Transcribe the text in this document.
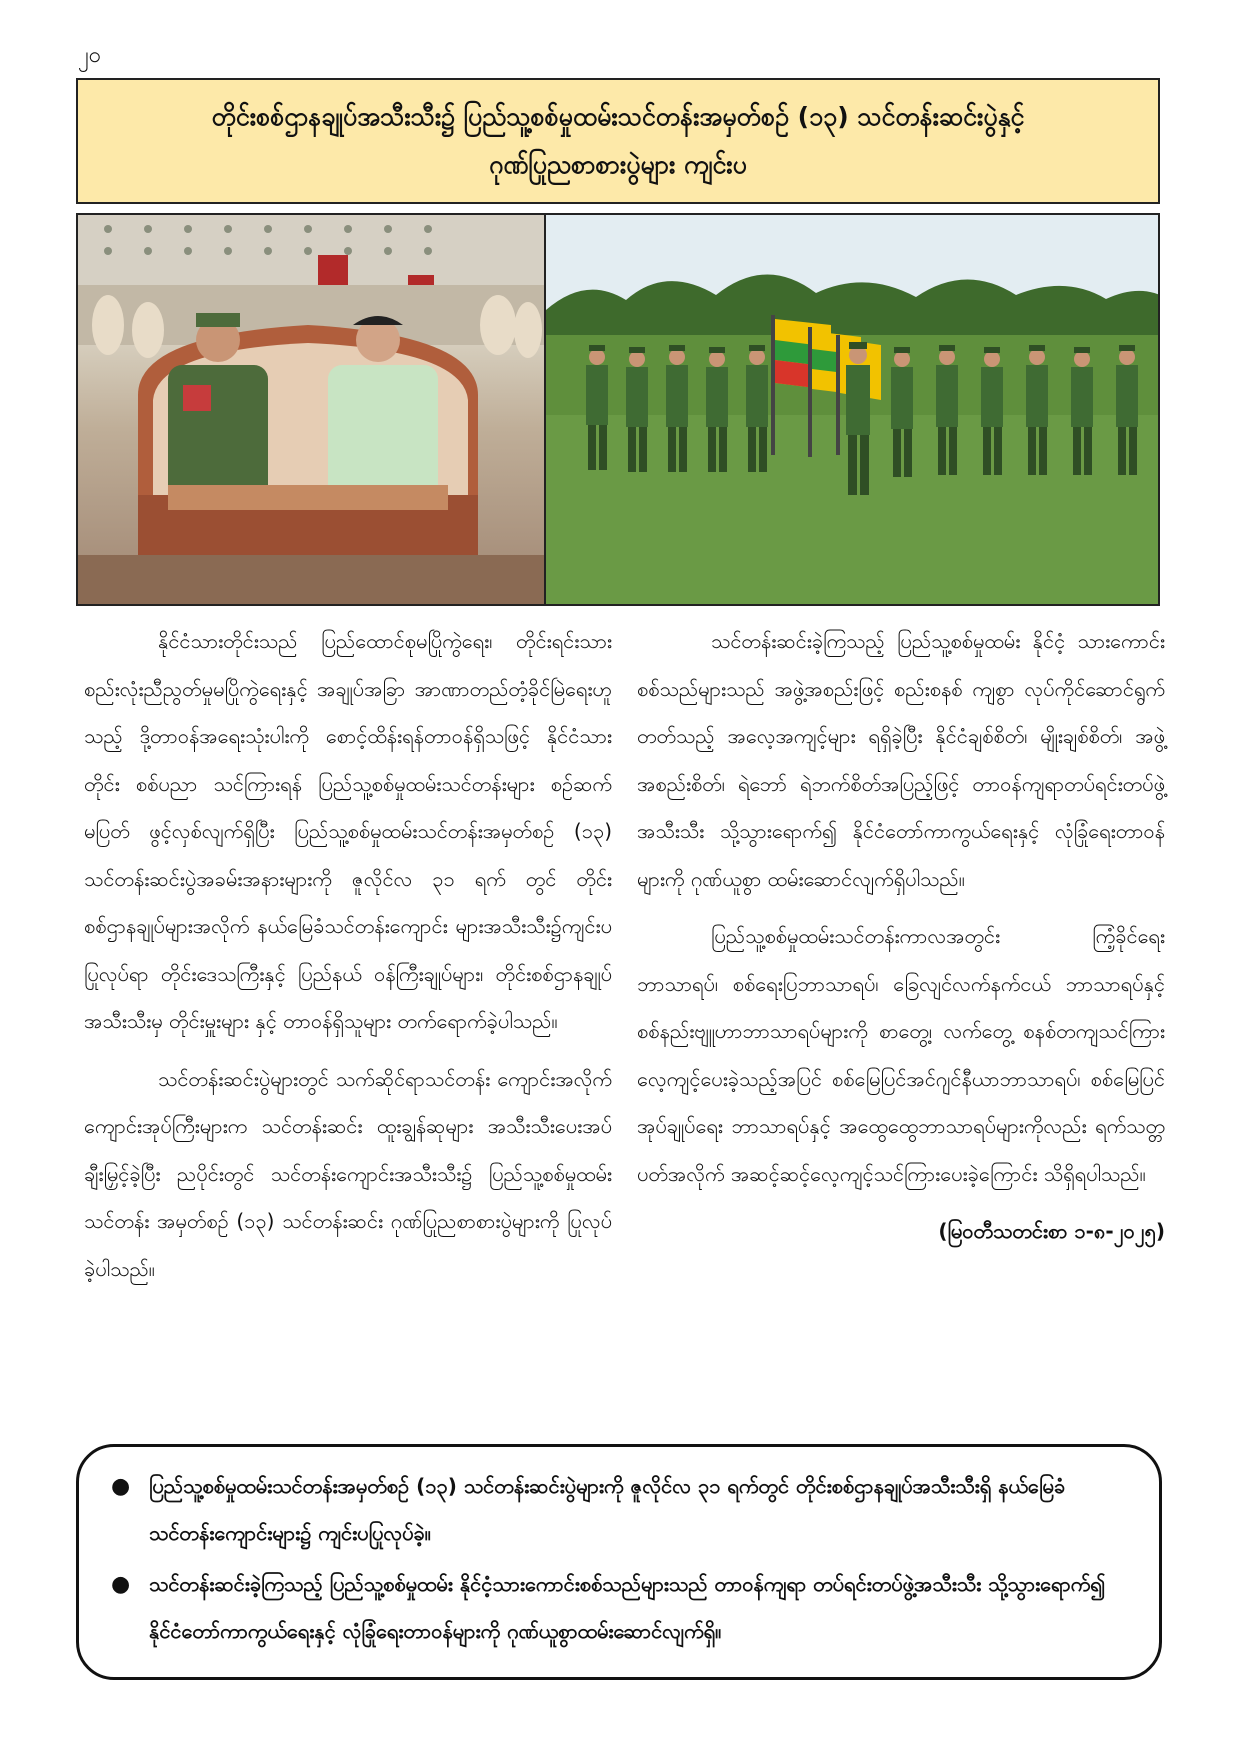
၂၀
တိုင်းစစ်ဌာနချုပ်အသီးသီး၌ ပြည်သူ့စစ်မှုထမ်းသင်တန်းအမှတ်စဉ် (၁၃) သင်တန်းဆင်းပွဲနှင့်
ဂုဏ်ပြုညစာစားပွဲများ ကျင်းပ

နိုင်ငံသားတိုင်းသည် ပြည်ထောင်စုမပြိုကွဲရေး၊ တိုင်းရင်းသားစည်းလုံးညီညွတ်မှုမပြိုကွဲရေးနှင့် အချုပ်အခြာ အာဏာတည်တံ့ခိုင်မြဲရေးဟူသည့် ဒို့တာဝန်အရေးသုံးပါးကို စောင့်ထိန်းရန်တာဝန်ရှိသဖြင့် နိုင်ငံသားတိုင်း စစ်ပညာ သင်ကြားရန် ပြည်သူ့စစ်မှုထမ်းသင်တန်းများ စဉ်ဆက်မပြတ် ဖွင့်လှစ်လျက်ရှိပြီး ပြည်သူ့စစ်မှုထမ်းသင်တန်းအမှတ်စဉ် (၁၃) သင်တန်းဆင်းပွဲအခမ်းအနားများကို ဇူလိုင်လ ၃၁ ရက် တွင် တိုင်းစစ်ဌာနချုပ်များအလိုက် နယ်မြေခံသင်တန်းကျောင်း များအသီးသီး၌ကျင်းပပြုလုပ်ရာ တိုင်းဒေသကြီးနှင့် ပြည်နယ် ဝန်ကြီးချုပ်များ၊ တိုင်းစစ်ဌာနချုပ်အသီးသီးမှ တိုင်းမှူးများ နှင့် တာဝန်ရှိသူများ တက်ရောက်ခဲ့ပါသည်။

သင်တန်းဆင်းပွဲများတွင် သက်ဆိုင်ရာသင်တန်း ကျောင်းအလိုက် ကျောင်းအုပ်ကြီးများက သင်တန်းဆင်း ထူးချွန်ဆုများ အသီးသီးပေးအပ်ချီးမြှင့်ခဲ့ပြီး ညပိုင်းတွင် သင်တန်းကျောင်းအသီးသီး၌ ပြည်သူ့စစ်မှုထမ်းသင်တန်း အမှတ်စဉ် (၁၃) သင်တန်းဆင်း ဂုဏ်ပြုညစာစားပွဲများကို ပြုလုပ်ခဲ့ပါသည်။

သင်တန်းဆင်းခဲ့ကြသည့် ပြည်သူ့စစ်မှုထမ်း နိုင်ငံ့ သားကောင်းစစ်သည်များသည် အဖွဲ့အစည်းဖြင့် စည်းစနစ် ကျစွာ လုပ်ကိုင်ဆောင်ရွက်တတ်သည့် အလေ့အကျင့်များ ရရှိခဲ့ပြီး နိုင်ငံချစ်စိတ်၊ မျိုးချစ်စိတ်၊ အဖွဲ့အစည်းစိတ်၊ ရဲဘော် ရဲဘက်စိတ်အပြည့်ဖြင့် တာဝန်ကျရာတပ်ရင်းတပ်ဖွဲ့အသီးသီး သို့သွားရောက်၍ နိုင်ငံတော်ကာကွယ်ရေးနှင့် လုံခြုံရေးတာဝန် များကို ဂုဏ်ယူစွာ ထမ်းဆောင်လျက်ရှိပါသည်။

ပြည်သူ့စစ်မှုထမ်းသင်တန်းကာလအတွင်း ကြံ့ခိုင်ရေး ဘာသာရပ်၊ စစ်ရေးပြဘာသာရပ်၊ ခြေလျင်လက်နက်ငယ် ဘာသာရပ်နှင့် စစ်နည်းဗျူဟာဘာသာရပ်များကို စာတွေ့၊ လက်တွေ့ စနစ်တကျသင်ကြားလေ့ကျင့်ပေးခဲ့သည့်အပြင် စစ်မြေပြင်အင်ဂျင်နီယာဘာသာရပ်၊ စစ်မြေပြင်အုပ်ချုပ်ရေး ဘာသာရပ်နှင့် အထွေထွေဘာသာရပ်များကိုလည်း ရက်သတ္တ ပတ်အလိုက် အဆင့်ဆင့်လေ့ကျင့်သင်ကြားပေးခဲ့ကြောင်း သိရှိရပါသည်။

(မြဝတီသတင်းစာ ၁-၈-၂၀၂၅)

● ပြည်သူ့စစ်မှုထမ်းသင်တန်းအမှတ်စဉ် (၁၃) သင်တန်းဆင်းပွဲများကို ဇူလိုင်လ ၃၁ ရက်တွင် တိုင်းစစ်ဌာနချုပ်အသီးသီးရှိ နယ်မြေခံသင်တန်းကျောင်းများ၌ ကျင်းပပြုလုပ်ခဲ့။
● သင်တန်းဆင်းခဲ့ကြသည့် ပြည်သူ့စစ်မှုထမ်း နိုင်ငံ့သားကောင်းစစ်သည်များသည် တာဝန်ကျရာ တပ်ရင်းတပ်ဖွဲ့အသီးသီး သို့သွားရောက်၍ နိုင်ငံတော်ကာကွယ်ရေးနှင့် လုံခြုံရေးတာဝန်များကို ဂုဏ်ယူစွာထမ်းဆောင်လျက်ရှိ။
